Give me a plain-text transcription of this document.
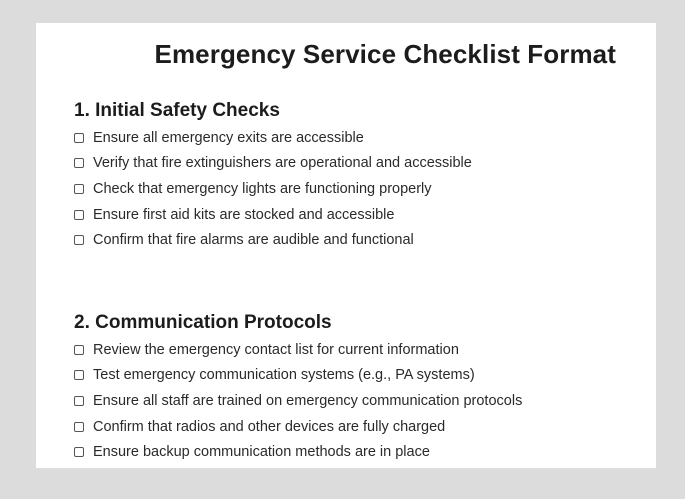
Emergency Service Checklist Format
1. Initial Safety Checks
Ensure all emergency exits are accessible
Verify that fire extinguishers are operational and accessible
Check that emergency lights are functioning properly
Ensure first aid kits are stocked and accessible
Confirm that fire alarms are audible and functional
2. Communication Protocols
Review the emergency contact list for current information
Test emergency communication systems (e.g., PA systems)
Ensure all staff are trained on emergency communication protocols
Confirm that radios and other devices are fully charged
Ensure backup communication methods are in place
